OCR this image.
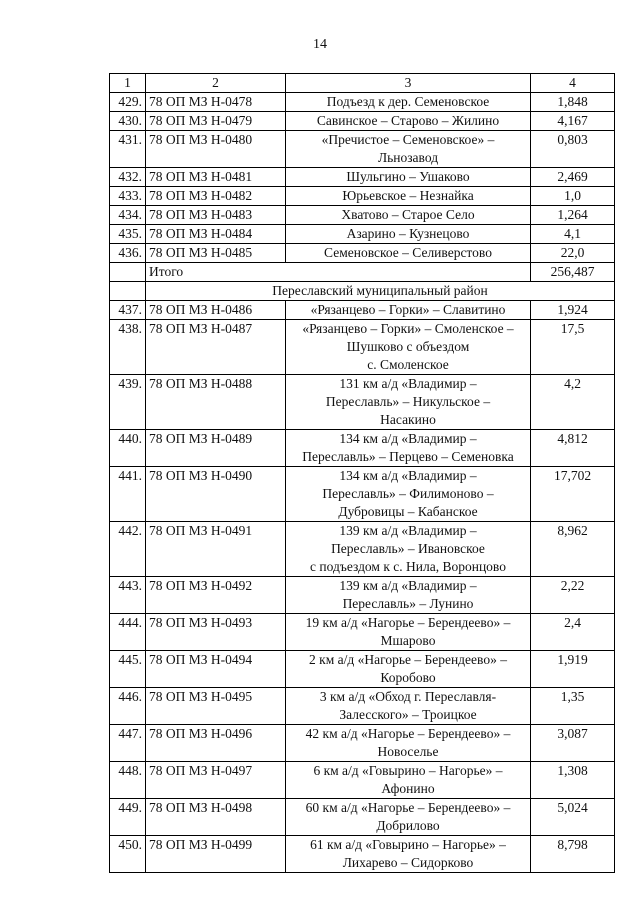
14
1	2	3	4
429.	78 ОП МЗ Н-0478	Подъезд к дер. Семеновское	1,848
430.	78 ОП МЗ Н-0479	Савинское – Старово – Жилино	4,167
431.	78 ОП МЗ Н-0480	«Пречистое – Семеновское» –
Льнозавод	0,803
432.	78 ОП МЗ Н-0481	Шульгино – Ушаково	2,469
433.	78 ОП МЗ Н-0482	Юрьевское – Незнайка	1,0
434.	78 ОП МЗ Н-0483	Хватово – Старое Село	1,264
435.	78 ОП МЗ Н-0484	Азарино – Кузнецово	4,1
436.	78 ОП МЗ Н-0485	Семеновское – Селиверстово	22,0
	Итого		256,487
	Переславский муниципальный район		
437.	78 ОП МЗ Н-0486	«Рязанцево – Горки» – Славитино	1,924
438.	78 ОП МЗ Н-0487	«Рязанцево – Горки» – Смоленское –
Шушково с объездом
с. Смоленское	17,5
439.	78 ОП МЗ Н-0488	131 км а/д «Владимир –
Переславль» – Никульское –
Насакино	4,2
440.	78 ОП МЗ Н-0489	134 км а/д «Владимир –
Переславль» – Перцево – Семеновка	4,812
441.	78 ОП МЗ Н-0490	134 км а/д «Владимир –
Переславль» – Филимоново –
Дубровицы – Кабанское	17,702
442.	78 ОП МЗ Н-0491	139 км а/д «Владимир –
Переславль» – Ивановское
с подъездом к с. Нила, Воронцово	8,962
443.	78 ОП МЗ Н-0492	139 км а/д «Владимир –
Переславль» – Лунино	2,22
444.	78 ОП МЗ Н-0493	19 км а/д «Нагорье – Берендеево» –
Мшарово	2,4
445.	78 ОП МЗ Н-0494	2 км а/д «Нагорье – Берендеево» –
Коробово	1,919
446.	78 ОП МЗ Н-0495	3 км а/д «Обход г. Переславля-
Залесского» – Троицкое	1,35
447.	78 ОП МЗ Н-0496	42 км а/д «Нагорье – Берендеево» –
Новоселье	3,087
448.	78 ОП МЗ Н-0497	6 км а/д «Говырино – Нагорье» –
Афонино	1,308
449.	78 ОП МЗ Н-0498	60 км а/д «Нагорье – Берендеево» –
Добрилово	5,024
450.	78 ОП МЗ Н-0499	61 км а/д «Говырино – Нагорье» –
Лихарево – Сидорково	8,798
